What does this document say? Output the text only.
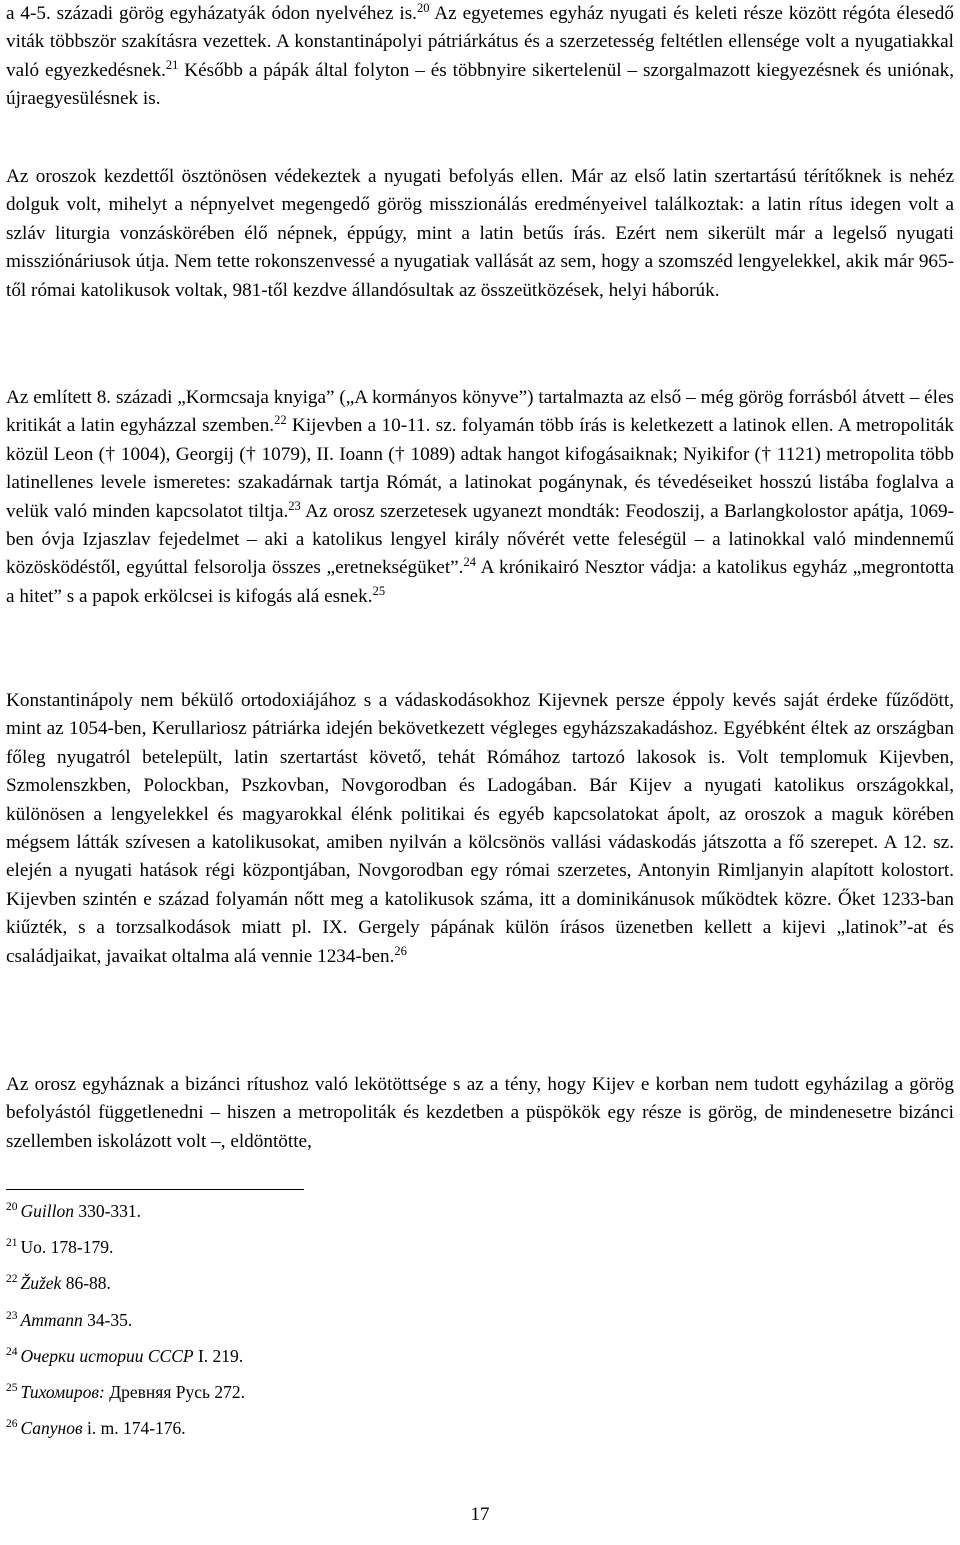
a 4-5. századi görög egyházatyák ódon nyelvéhez is.$^{20}$ Az egyetemes egyház nyugati és keleti része között régóta élesedő viták többször szakításra vezettek. A konstantinápolyi pátriárkátus és a szerzetesség feltétlen ellensége volt a nyugatiakkal való egyezkedésnek.$^{21}$ Később a pápák által folyton – és többnyire sikertelenül – szorgalmazott kiegyezésnek és uniónak, újraegyesülésnek is.
Az oroszok kezdettől ösztönösen védekeztek a nyugati befolyás ellen. Már az első latin szertartású térítőknek is nehéz dolguk volt, mihelyt a népnyelvet megengedő görög misszionálás eredményeivel találkoztak: a latin rítus idegen volt a szláv liturgia vonzáskörében élő népnek, éppúgy, mint a latin betűs írás. Ezért nem sikerült már a legelső nyugati missziónáriusok útja. Nem tette rokonszenvessé a nyugatiak vallását az sem, hogy a szomszéd lengyelekkel, akik már 965-től római katolikusok voltak, 981-től kezdve állandósultak az összeütközések, helyi háborúk.
Az említett 8. századi „Kormcsaja knyiga” („A kormányos könyve”) tartalmazta az első – még görög forrásból átvett – éles kritikát a latin egyházzal szemben.$^{22}$ Kijevben a 10-11. sz. folyamán több írás is keletkezett a latinok ellen. A metropoliták közül Leon († 1004), Georgij († 1079), II. Ioann († 1089) adtak hangot kifogásaiknak; Nyikifor († 1121) metropolita több latinellenes levele ismeretes: szakadárnak tartja Rómát, a latinokat pogánynak, és tévedéseiket hosszú listába foglalva a velük való minden kapcsolatot tiltja.$^{23}$ Az orosz szerzetesek ugyanezt mondták: Feodoszij, a Barlangkolostor apátja, 1069-ben óvja Izjaszlav fejedelmet – aki a katolikus lengyel király nővérét vette feleségül – a latinokkal való mindennemű közösködéstől, egyúttal felsorolja összes „eretnekségüket”.$^{24}$ A krónikairó Nesztor vádja: a katolikus egyház „megrontotta a hitet” s a papok erkölcsei is kifogás alá esnek.$^{25}$
Konstantinápoly nem békülő ortodoxiájához s a vádaskodásokhoz Kijevnek persze éppoly kevés saját érdeke fűződött, mint az 1054-ben, Kerullariosz pátriárka idején bekövetkezett végleges egyházszakadáshoz. Egyébként éltek az országban főleg nyugatról betelepült, latin szertartást követő, tehát Rómához tartozó lakosok is. Volt templomuk Kijevben, Szmolenszkben, Polockban, Pszkovban, Novgorodban és Ladogában. Bár Kijev a nyugati katolikus országokkal, különösen a lengyelekkel és magyarokkal élénk politikai és egyéb kapcsolatokat ápolt, az oroszok a maguk körében mégsem látták szívesen a katolikusokat, amiben nyilván a kölcsönös vallási vádaskodás játszotta a fő szerepet. A 12. sz. elején a nyugati hatások régi központjában, Novgorodban egy római szerzetes, Antonyin Rimljanyin alapított kolostort. Kijevben szintén e század folyamán nőtt meg a katolikusok száma, itt a dominikánusok működtek közre. Őket 1233-ban kiűzték, s a torzsalkodások miatt pl. IX. Gergely pápának külön írásos üzenetben kellett a kijevi „latinok”-at és családjaikat, javaikat oltalma alá vennie 1234-ben.$^{26}$
Az orosz egyháznak a bizánci rítushoz való lekötöttsége s az a tény, hogy Kijev e korban nem tudott egyházilag a görög befolyástól függetlenedni – hiszen a metropoliták és kezdetben a püspökök egy része is görög, de mindenesetre bizánci szellemben iskolázott volt –, eldöntötte,
$^{20}$ Guillon 330-331.
$^{21}$ Uo. 178-179.
$^{22}$ Žužek 86-88.
$^{23}$ Ammann 34-35.
$^{24}$ Очерки истории СССР I. 219.
$^{25}$ Тихомиров: Древняя Русь 272.
$^{26}$ Сапунов i. m. 174-176.
17
